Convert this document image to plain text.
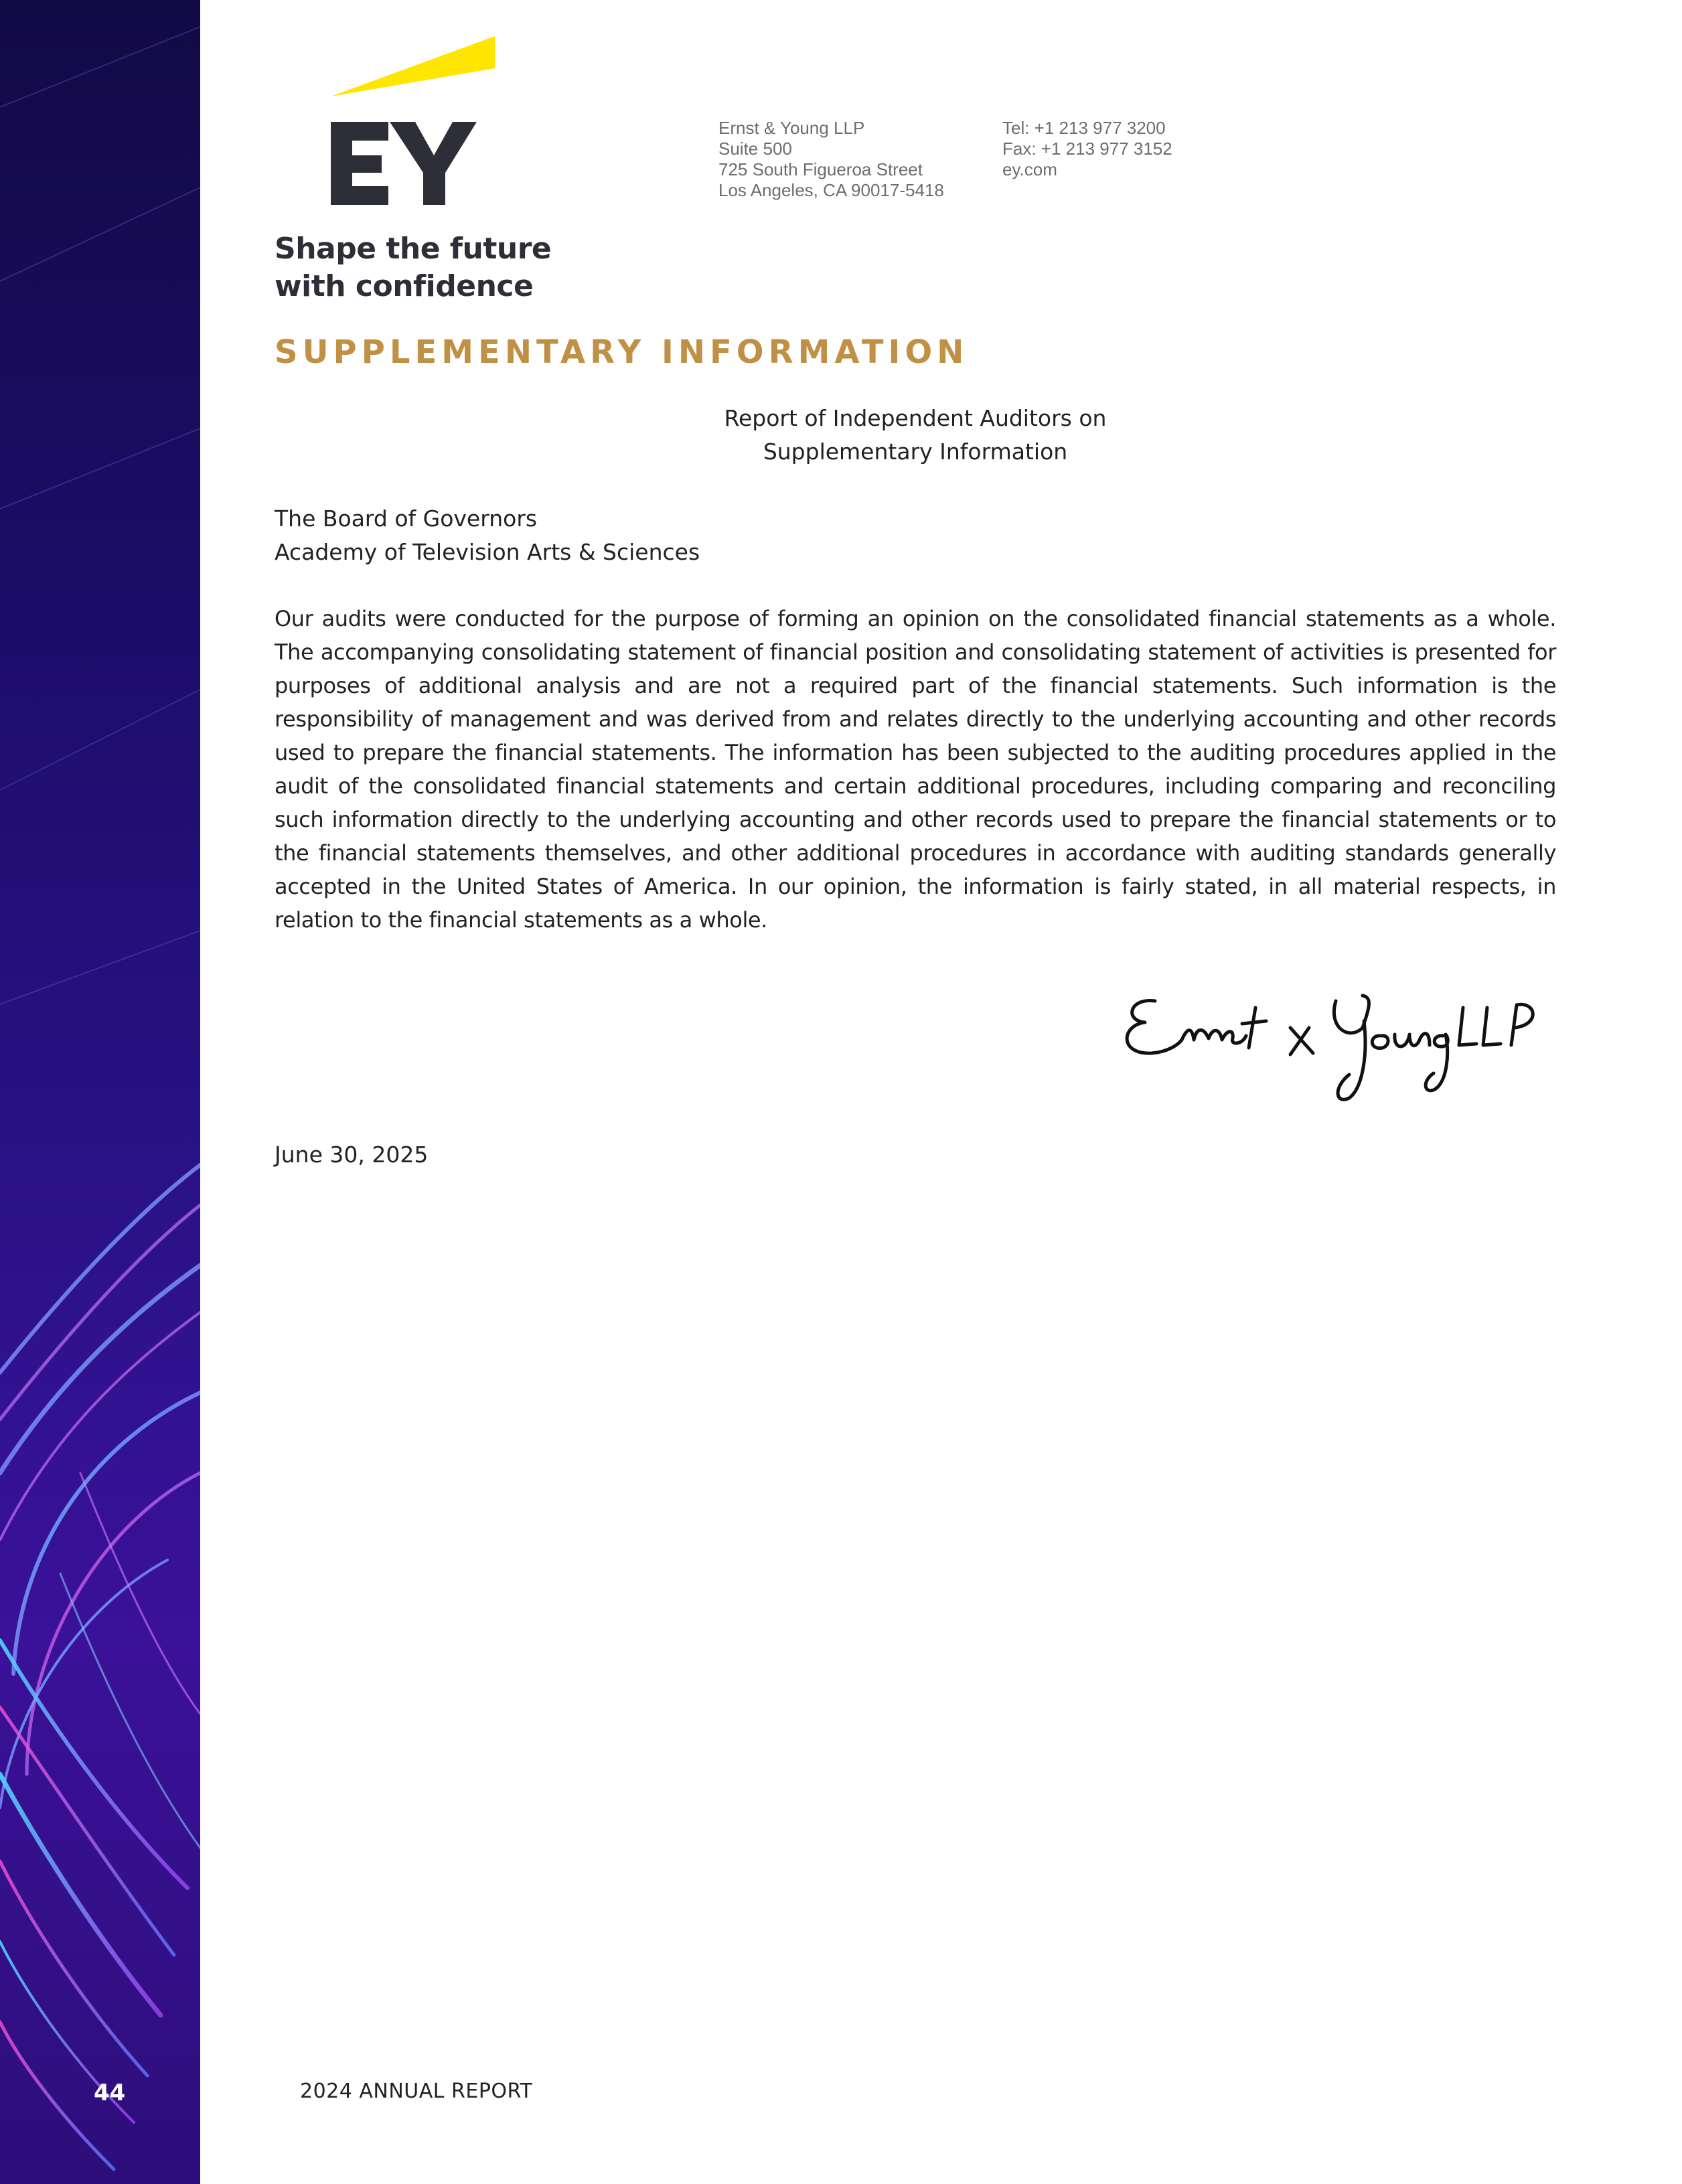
44
Shape the future
with confidence
Ernst & Young LLP
Suite 500
725 South Figueroa Street
Los Angeles, CA 90017-5418
Tel: +1 213 977 3200
Fax: +1 213 977 3152
ey.com
SUPPLEMENTARY INFORMATION
Report of Independent Auditors on
Supplementary Information
The Board of Governors
Academy of Television Arts & Sciences
Our audits were conducted for the purpose of forming an opinion on the consolidated financial statements as a whole. The accompanying consolidating statement of financial position and consolidating statement of activities is presented for purposes of additional analysis and are not a required part of the financial statements. Such information is the responsibility of management and was derived from and relates directly to the underlying accounting and other records used to prepare the financial statements. The information has been subjected to the auditing procedures applied in the audit of the consolidated financial statements and certain additional procedures, including comparing and reconciling such information directly to the underlying accounting and other records used to prepare the financial statements or to the financial statements themselves, and other additional procedures in accordance with auditing standards generally accepted in the United States of America. In our opinion, the information is fairly stated, in all material respects, in relation to the financial statements as a whole.
June 30, 2025
2024 ANNUAL REPORT
